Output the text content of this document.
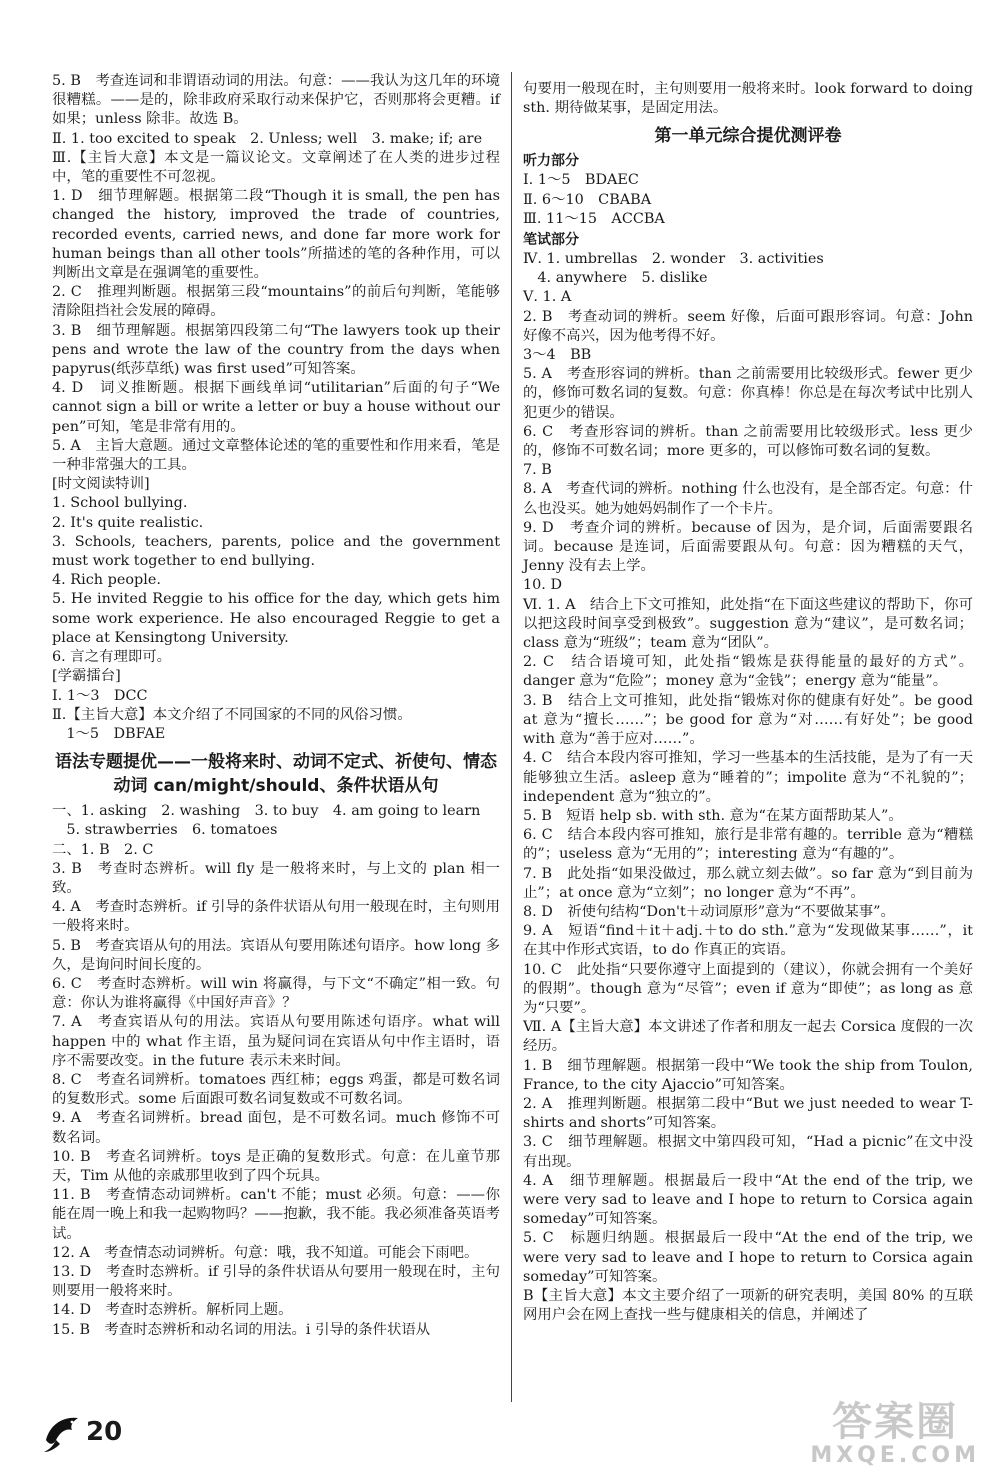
5. B　考查连词和非谓语动词的用法。句意：——我认为这几年的环境很糟糕。——是的，除非政府采取行动来保护它，否则那将会更糟。if 如果；unless 除非。故选 B。

Ⅱ. 1. too excited to speak　2. Unless; well　3. make; if; are

Ⅲ.【主旨大意】本文是一篇议论文。文章阐述了在人类的进步过程中，笔的重要性不可忽视。

1. D　细节理解题。根据第二段“Though it is small, the pen has changed the history, improved the trade of countries, recorded events, carried news, and done far more work for human beings than all other tools”所描述的笔的各种作用，可以判断出文章是在强调笔的重要性。

2. C　推理判断题。根据第三段“mountains”的前后句判断，笔能够清除阻挡社会发展的障碍。

3. B　细节理解题。根据第四段第二句“The lawyers took up their pens and wrote the law of the country from the days when papyrus(纸莎草纸) was first used”可知答案。

4. D　词义推断题。根据下画线单词“utilitarian”后面的句子“We cannot sign a bill or write a letter or buy a house without our pen”可知，笔是非常有用的。

5. A　主旨大意题。通过文章整体论述的笔的重要性和作用来看，笔是一种非常强大的工具。

[时文阅读特训]

1. School bullying.

2. It's quite realistic.

3. Schools, teachers, parents, police and the government must work together to end bullying.

4. Rich people.

5. He invited Reggie to his office for the day, which gets him some work experience. He also encouraged Reggie to get a place at Kensingtong University.

6. 言之有理即可。

[学霸擂台]

Ⅰ. 1～3　DCC

Ⅱ.【主旨大意】本文介绍了不同国家的不同的风俗习惯。

　1～5　DBFAE

语法专题提优——一般将来时、动词不定式、祈使句、情态动词 can/might/should、条件状语从句

一、1. asking　2. washing　3. to buy　4. am going to learn

　5. strawberries　6. tomatoes

二、1. B　2. C

3. B　考查时态辨析。will fly 是一般将来时，与上文的 plan 相一致。

4. A　考查时态辨析。if 引导的条件状语从句用一般现在时，主句则用一般将来时。

5. B　考查宾语从句的用法。宾语从句要用陈述句语序。how long 多久，是询问时间长度的。

6. C　考查时态辨析。will win 将赢得，与下文“不确定”相一致。句意：你认为谁将赢得《中国好声音》？

7. A　考查宾语从句的用法。宾语从句要用陈述句语序。what will happen 中的 what 作主语，虽为疑问词在宾语从句中作主语时，语序不需要改变。in the future 表示未来时间。

8. C　考查名词辨析。tomatoes 西红柿；eggs 鸡蛋，都是可数名词的复数形式。some 后面跟可数名词复数或不可数名词。

9. A　考查名词辨析。bread 面包，是不可数名词。much 修饰不可数名词。

10. B　考查名词辨析。toys 是正确的复数形式。句意：在儿童节那天，Tim 从他的亲戚那里收到了四个玩具。

11. B　考查情态动词辨析。can't 不能；must 必须。句意：——你能在周一晚上和我一起购物吗？——抱歉，我不能。我必须准备英语考试。

12. A　考查情态动词辨析。句意：哦，我不知道。可能会下雨吧。

13. D　考查时态辨析。if 引导的条件状语从句要用一般现在时，主句则要用一般将来时。

14. D　考查时态辨析。解析同上题。

15. B　考查时态辨析和动名词的用法。i 引导的条件状语从

句要用一般现在时，主句则要用一般将来时。look forward to doing sth. 期待做某事，是固定用法。

第一单元综合提优测评卷

听力部分

Ⅰ. 1～5　BDAEC

Ⅱ. 6～10　CBABA

Ⅲ. 11～15　ACCBA

笔试部分

Ⅳ. 1. umbrellas　2. wonder　3. activities

　4. anywhere　5. dislike

Ⅴ. 1. A

2. B　考查动词的辨析。seem 好像，后面可跟形容词。句意：John 好像不高兴，因为他考得不好。

3～4　BB

5. A　考查形容词的辨析。than 之前需要用比较级形式。fewer 更少的，修饰可数名词的复数。句意：你真棒！你总是在每次考试中比别人犯更少的错误。

6. C　考查形容词的辨析。than 之前需要用比较级形式。less 更少的，修饰不可数名词；more 更多的，可以修饰可数名词的复数。

7. B

8. A　考查代词的辨析。nothing 什么也没有，是全部否定。句意：什么也没买。她为她妈妈制作了一个卡片。

9. D　考查介词的辨析。because of 因为，是介词，后面需要跟名词。because 是连词，后面需要跟从句。句意：因为糟糕的天气，Jenny 没有去上学。

10. D

Ⅵ. 1. A　结合上下文可推知，此处指“在下面这些建议的帮助下，你可以把这段时间享受到极致”。suggestion 意为“建议”，是可数名词；class 意为“班级”；team 意为“团队”。

2. C　结合语境可知，此处指“锻炼是获得能量的最好的方式”。danger 意为“危险”；money 意为“金钱”；energy 意为“能量”。

3. B　结合上文可推知，此处指“锻炼对你的健康有好处”。be good at 意为“擅长……”；be good for 意为“对……有好处”；be good with 意为“善于应对……”。

4. C　结合本段内容可推知，学习一些基本的生活技能，是为了有一天能够独立生活。asleep 意为“睡着的”；impolite 意为“不礼貌的”；independent 意为“独立的”。

5. B　短语 help sb. with sth. 意为“在某方面帮助某人”。

6. C　结合本段内容可推知，旅行是非常有趣的。terrible 意为“糟糕的”；useless 意为“无用的”；interesting 意为“有趣的”。

7. B　此处指“如果没做过，那么就立刻去做”。so far 意为“到目前为止”；at once 意为“立刻”；no longer 意为“不再”。

8. D　祈使句结构“Don't＋动词原形”意为“不要做某事”。

9. A　短语“find＋it＋adj.＋to do sth.”意为“发现做某事……”，it 在其中作形式宾语，to do 作真正的宾语。

10. C　此处指“只要你遵守上面提到的（建议），你就会拥有一个美好的假期”。though 意为“尽管”；even if 意为“即使”；as long as 意为“只要”。

Ⅶ. A【主旨大意】本文讲述了作者和朋友一起去 Corsica 度假的一次经历。

1. B　细节理解题。根据第一段中“We took the ship from Toulon, France, to the city Ajaccio”可知答案。

2. A　推理判断题。根据第二段中“But we just needed to wear T-shirts and shorts”可知答案。

3. C　细节理解题。根据文中第四段可知，“Had a picnic”在文中没有出现。

4. A　细节理解题。根据最后一段中“At the end of the trip, we were very sad to leave and I hope to return to Corsica again someday”可知答案。

5. C　标题归纳题。根据最后一段中“At the end of the trip, we were very sad to leave and I hope to return to Corsica again someday”可知答案。

B【主旨大意】本文主要介绍了一项新的研究表明，美国 80% 的互联网用户会在网上查找一些与健康相关的信息，并阐述了

20	答案圈
MXQE.COM
